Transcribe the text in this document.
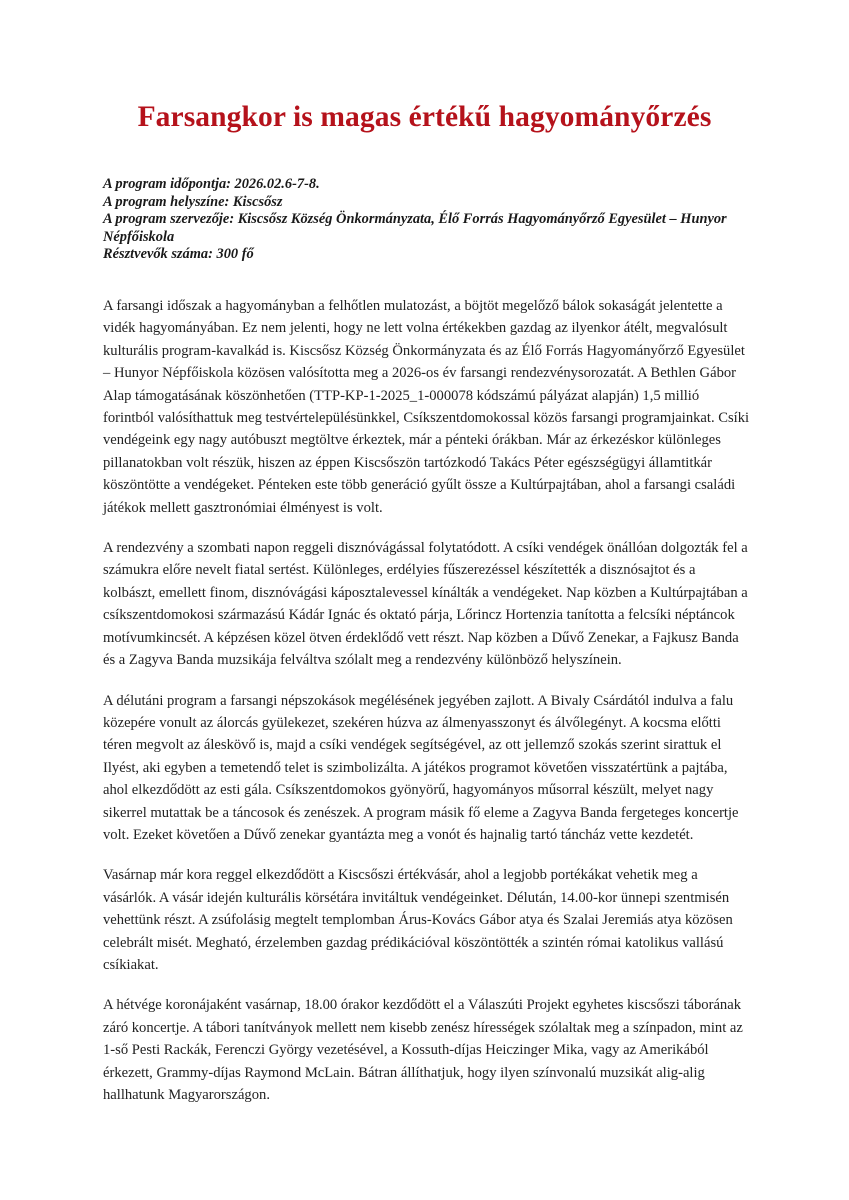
Farsangkor is magas értékű hagyományőrzés
A program időpontja: 2026.02.6-7-8.
A program helyszíne: Kiscsősz
A program szervezője: Kiscsősz Község Önkormányzata, Élő Forrás Hagyományőrző Egyesület – Hunyor Népfőiskola
Résztvevők száma: 300 fő

A farsangi időszak a hagyományban a felhőtlen mulatozást, a böjtöt megelőző bálok sokaságát jelentette a vidék hagyományában. Ez nem jelenti, hogy ne lett volna értékekben gazdag az ilyenkor átélt, megvalósult kulturális program-kavalkád is. Kiscsősz Község Önkormányzata és az Élő Forrás Hagyományőrző Egyesület – Hunyor Népfőiskola közösen valósította meg a 2026-os év farsangi rendezvénysorozatát. A Bethlen Gábor Alap támogatásának köszönhetően (TTP-KP-1-2025_1-000078 kódszámú pályázat alapján) 1,5 millió forintból valósíthattuk meg testvértelepülésünkkel, Csíkszentdomokossal közös farsangi programjainkat. Csíki vendégeink egy nagy autóbuszt megtöltve érkeztek, már a pénteki órákban. Már az érkezéskor különleges pillanatokban volt részük, hiszen az éppen Kiscsőszön tartózkodó Takács Péter egészségügyi államtitkár köszöntötte a vendégeket. Pénteken este több generáció gyűlt össze a Kultúrpajtában, ahol a farsangi családi játékok mellett gasztronómiai élményest is volt.

A rendezvény a szombati napon reggeli disznóvágással folytatódott. A csíki vendégek önállóan dolgozták fel a számukra előre nevelt fiatal sertést. Különleges, erdélyies fűszerezéssel készítették a disznósajtot és a kolbászt, emellett finom, disznóvágási káposztalevessel kínálták a vendégeket. Nap közben a Kultúrpajtában a csíkszentdomokosi származású Kádár Ignác és oktató párja, Lőrincz Hortenzia tanította a felcsíki néptáncok motívumkincsét. A képzésen közel ötven érdeklődő vett részt. Nap közben a Dűvő Zenekar, a Fajkusz Banda és a Zagyva Banda muzsikája felváltva szólalt meg a rendezvény különböző helyszínein.

A délutáni program a farsangi népszokások megélésének jegyében zajlott. A Bivaly Csárdától indulva a falu közepére vonult az álorcás gyülekezet, szekéren húzva az álmenyasszonyt és álvőlegényt. A kocsma előtti téren megvolt az áleskövő is, majd a csíki vendégek segítségével, az ott jellemző szokás szerint sirattuk el Ilyést, aki egyben a temetendő telet is szimbolizálta. A játékos programot követően visszatértünk a pajtába, ahol elkezdődött az esti gála. Csíkszentdomokos gyönyörű, hagyományos műsorral készült, melyet nagy sikerrel mutattak be a táncosok és zenészek. A program másik fő eleme a Zagyva Banda fergeteges koncertje volt. Ezeket követően a Dűvő zenekar gyantázta meg a vonót és hajnalig tartó táncház vette kezdetét.

Vasárnap már kora reggel elkezdődött a Kiscsőszi értékvásár, ahol a legjobb portékákat vehetik meg a vásárlók. A vásár idején kulturális körsétára invitáltuk vendégeinket. Délután, 14.00-kor ünnepi szentmisén vehettünk részt. A zsúfolásig megtelt templomban Árus-Kovács Gábor atya és Szalai Jeremiás atya közösen celebrált misét. Megható, érzelemben gazdag prédikációval köszöntötték a szintén római katolikus vallású csíkiakat.

A hétvége koronájaként vasárnap, 18.00 órakor kezdődött el a Válaszúti Projekt egyhetes kiscsőszi táborának záró koncertje. A tábori tanítványok mellett nem kisebb zenész hírességek szólaltak meg a színpadon, mint az 1-ső Pesti Rackák, Ferenczi György vezetésével, a Kossuth-díjas Heiczinger Mika, vagy az Amerikából érkezett, Grammy-díjas Raymond McLain. Bátran állíthatjuk, hogy ilyen színvonalú muzsikát alig-alig hallhatunk Magyarországon.
